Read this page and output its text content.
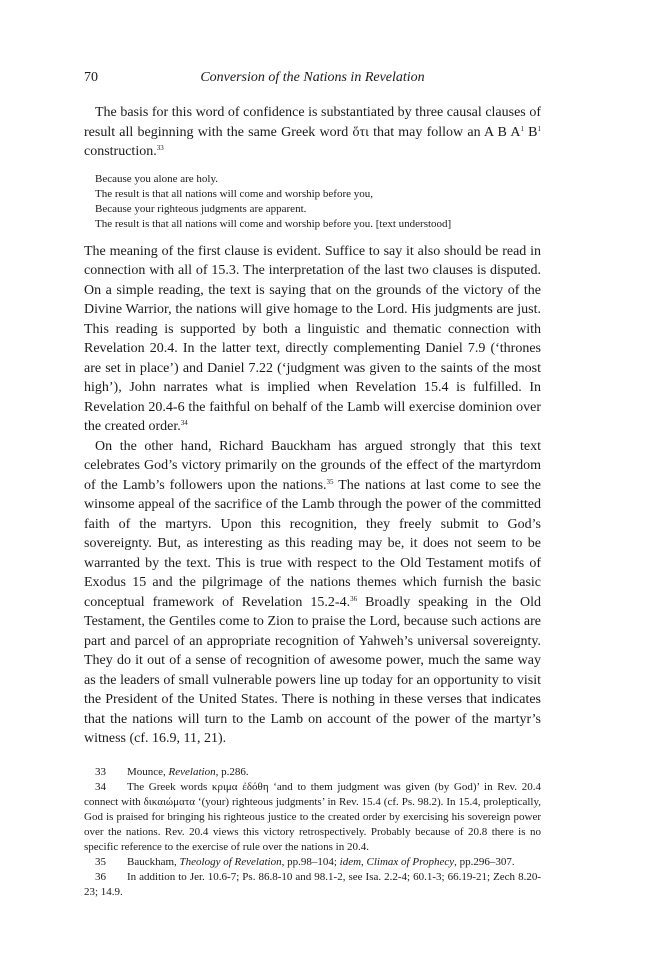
70	Conversion of the Nations in Revelation

The basis for this word of confidence is substantiated by three causal clauses of result all beginning with the same Greek word ὅτι that may follow an A B $A^1$ $B^1$ construction.$^{33}$

Because you alone are holy.
The result is that all nations will come and worship before you,
Because your righteous judgments are apparent.
The result is that all nations will come and worship before you. [text understood]

The meaning of the first clause is evident. Suffice to say it also should be read in connection with all of 15.3. The interpretation of the last two clauses is disputed. On a simple reading, the text is saying that on the grounds of the victory of the Divine Warrior, the nations will give homage to the Lord. His judgments are just. This reading is supported by both a linguistic and thematic connection with Revelation 20.4. In the latter text, directly complementing Daniel 7.9 (‘thrones are set in place’) and Daniel 7.22 (‘judgment was given to the saints of the most high’), John narrates what is implied when Revelation 15.4 is fulfilled. In Revelation 20.4-6 the faithful on behalf of the Lamb will exercise dominion over the created order.$^{34}$

On the other hand, Richard Bauckham has argued strongly that this text celebrates God’s victory primarily on the grounds of the effect of the martyrdom of the Lamb’s followers upon the nations.$^{35}$ The nations at last come to see the winsome appeal of the sacrifice of the Lamb through the power of the committed faith of the martyrs. Upon this recognition, they freely submit to God’s sovereignty. But, as interesting as this reading may be, it does not seem to be warranted by the text. This is true with respect to the Old Testament motifs of Exodus 15 and the pilgrimage of the nations themes which furnish the basic conceptual framework of Revelation 15.2-4.36 Broadly speaking in the Old Testament, the Gentiles come to Zion to praise the Lord, because such actions are part and parcel of an appropriate recognition of Yahweh’s universal sovereignty. They do it out of a sense of recognition of awesome power, much the same way as the leaders of small vulnerable powers line up today for an opportunity to visit the President of the United States. There is nothing in these verses that indicates that the nations will turn to the Lamb on account of the power of the martyr’s witness (cf. 16.9, 11, 21).

33 Mounce, Revelation, p.286.

34 The Greek words κριμα ἐδόθη ‘and to them judgment was given (by God)’ in Rev. 20.4 connect with δικαιώματα ‘(your) righteous judgments’ in Rev. 15.4 (cf. Ps. 98.2). In 15.4, proleptically, God is praised for bringing his righteous justice to the created order by exercising his sovereign power over the nations. Rev. 20.4 views this victory retrospectively. Probably because of 20.8 there is no specific reference to the exercise of rule over the nations in 20.4.

35 Bauckham, Theology of Revelation, pp.98–104; idem, Climax of Prophecy, pp.296–307.

36 In addition to Jer. 10.6-7; Ps. 86.8-10 and 98.1-2, see Isa. 2.2-4; 60.1-3; 66.19-21; Zech 8.20-23; 14.9.
